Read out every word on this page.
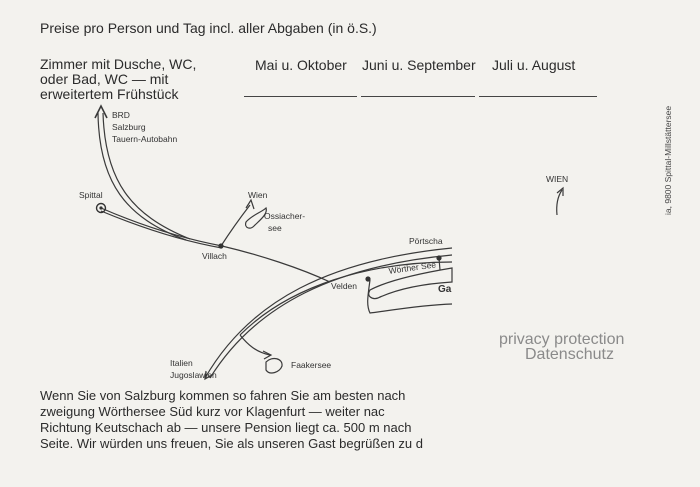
Preise pro Person und Tag incl. aller Abgaben (in ö.S.)
Zimmer mit Dusche, WC,
oder Bad, WC — mit
erweitertem Frühstück
Mai u. Oktober Juni u. September Juli u. August
BRD
Salzburg
Tauern-Autobahn
Spittal	Wien
Ossiacher-
see
Villach
Pörtscha
Wörther See
Velden	Ga
Italien
Jugoslawien
Faakersee
WIEN
Wenn Sie von Salzburg kommen so fahren Sie am besten nach
zweigung Wörthersee Süd kurz vor Klagenfurt — weiter nac
Richtung Keutschach ab — unsere Pension liegt ca. 500 m nach
Seite. Wir würden uns freuen, Sie als unseren Gast begrüßen zu d
privacy protection
Datenschutz
ia, 9800 Spittal-Millstättersee
